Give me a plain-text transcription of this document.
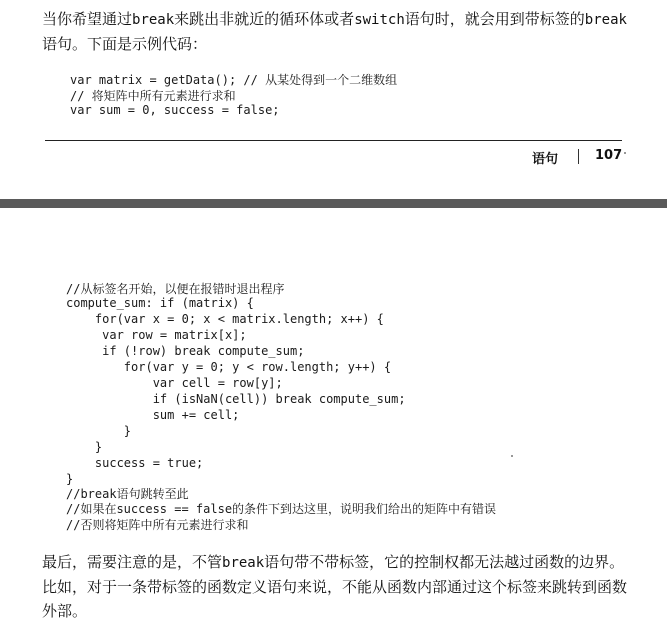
当你希望通过break来跳出非就近的循环体或者switch语句时，就会用到带标签的break语句。下面是示例代码：
var matrix = getData(); // 从某处得到一个二维数组
// 将矩阵中所有元素进行求和
var sum = 0, success = false;
语句	107
//从标签名开始，以便在报错时退出程序
compute_sum: if (matrix) {
for(var x = 0; x < matrix.length; x++) {
var row = matrix[x];
if (!row) break compute_sum;
for(var y = 0; y < row.length; y++) {
var cell = row[y];
if (isNaN(cell)) break compute_sum;
sum += cell;
}
}
success = true;
}
//break语句跳转至此
//如果在success == false的条件下到达这里，说明我们给出的矩阵中有错误
//否则将矩阵中所有元素进行求和
最后，需要注意的是，不管break语句带不带标签，它的控制权都无法越过函数的边界。比如，对于一条带标签的函数定义语句来说，不能从函数内部通过这个标签来跳转到函数外部。
